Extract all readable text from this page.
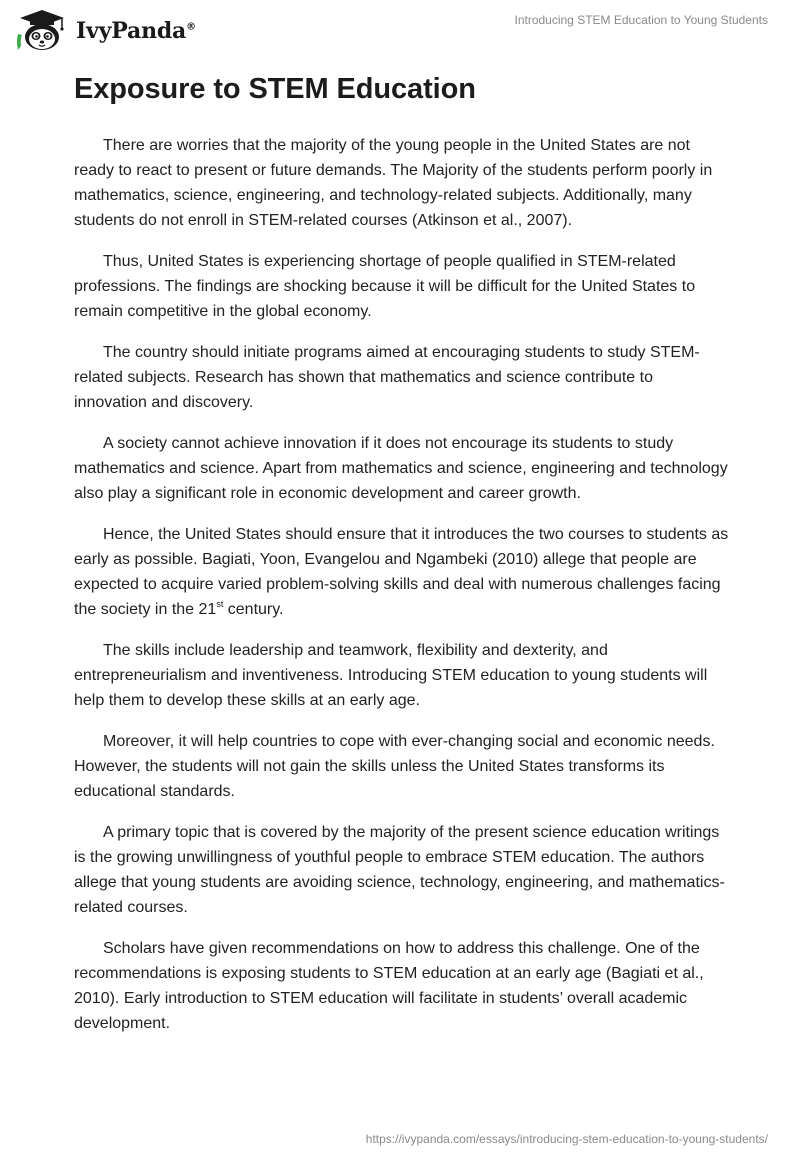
IvyPanda®
Introducing STEM Education to Young Students
Exposure to STEM Education

There are worries that the majority of the young people in the United States are not ready to react to present or future demands. The Majority of the students perform poorly in mathematics, science, engineering, and technology-related subjects. Additionally, many students do not enroll in STEM-related courses (Atkinson et al., 2007).

Thus, United States is experiencing shortage of people qualified in STEM-related professions. The findings are shocking because it will be difficult for the United States to remain competitive in the global economy.

The country should initiate programs aimed at encouraging students to study STEM-related subjects. Research has shown that mathematics and science contribute to innovation and discovery.

A society cannot achieve innovation if it does not encourage its students to study mathematics and science. Apart from mathematics and science, engineering and technology also play a significant role in economic development and career growth.

Hence, the United States should ensure that it introduces the two courses to students as early as possible. Bagiati, Yoon, Evangelou and Ngambeki (2010) allege that people are expected to acquire varied problem-solving skills and deal with numerous challenges facing the society in the 21st century.

The skills include leadership and teamwork, flexibility and dexterity, and entrepreneurialism and inventiveness. Introducing STEM education to young students will help them to develop these skills at an early age.

Moreover, it will help countries to cope with ever-changing social and economic needs. However, the students will not gain the skills unless the United States transforms its educational standards.

A primary topic that is covered by the majority of the present science education writings is the growing unwillingness of youthful people to embrace STEM education. The authors allege that young students are avoiding science, technology, engineering, and mathematics-related courses.

Scholars have given recommendations on how to address this challenge. One of the recommendations is exposing students to STEM education at an early age (Bagiati et al., 2010). Early introduction to STEM education will facilitate in students’ overall academic development.

https://ivypanda.com/essays/introducing-stem-education-to-young-students/
